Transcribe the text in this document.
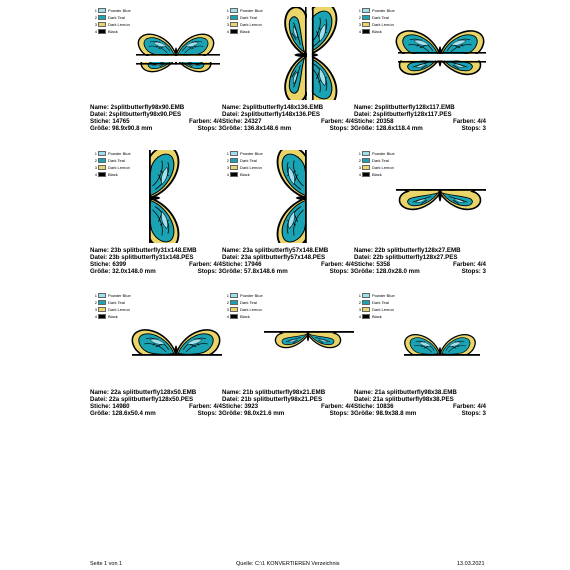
1	Powder Blue
2	Dark Teal
3	Dark Lemon
4	Black
Name: 2splitbutterfly98x90.EMB
Datei: 2splitbutterfly98x90.PES
Stiche: 14765	Farben: 4/4
Größe: 98.9x90.8 mm	Stops: 3
1	Powder Blue
2	Dark Teal
3	Dark Lemon
4	Black
Name: 2splitbutterfly148x136.EMB
Datei: 2splitbutterfly148x136.PES
Stiche: 24327	Farben: 4/4
Größe: 136.8x148.6 mm	Stops: 3
1	Powder Blue
2	Dark Teal
3	Dark Lemon
4	Black
Name: 2splitbutterfly128x117.EMB
Datei: 2splitbutterfly128x117.PES
Stiche: 20358	Farben: 4/4
Größe: 128.6x118.4 mm	Stops: 3
1	Powder Blue
2	Dark Teal
3	Dark Lemon
4	Black
Name: 23b splitbutterfly31x148.EMB
Datei: 23b splitbutterfly31x148.PES
Stiche: 6399	Farben: 4/4
Größe: 32.0x148.0 mm	Stops: 3
1	Powder Blue
2	Dark Teal
3	Dark Lemon
4	Black
Name: 23a splitbutterfly57x148.EMB
Datei: 23a splitbutterfly57x148.PES
Stiche: 17946	Farben: 4/4
Größe: 57.8x148.6 mm	Stops: 3
1	Powder Blue
2	Dark Teal
3	Dark Lemon
4	Black
Name: 22b splitbutterfly128x27.EMB
Datei: 22b splitbutterfly128x27.PES
Stiche: 5358	Farben: 4/4
Größe: 128.0x28.0 mm	Stops: 3
1	Powder Blue
2	Dark Teal
3	Dark Lemon
4	Black
Name: 22a splitbutterfly128x50.EMB
Datei: 22a splitbutterfly128x50.PES
Stiche: 14980	Farben: 4/4
Größe: 128.6x50.4 mm	Stops: 3
1	Powder Blue
2	Dark Teal
3	Dark Lemon
4	Black
Name: 21b splitbutterfly98x21.EMB
Datei: 21b splitbutterfly98x21.PES
Stiche: 3923	Farben: 4/4
Größe: 98.0x21.6 mm	Stops: 3
1	Powder Blue
2	Dark Teal
3	Dark Lemon
4	Black
Name: 21a splitbutterfly98x38.EMB
Datei: 21a splitbutterfly98x38.PES
Stiche: 10836	Farben: 4/4
Größe: 98.9x38.8 mm	Stops: 3
Seite 1 von 1	Quelle: C:\1 KONVERTIEREN Verzeichnis	13.03.2021
